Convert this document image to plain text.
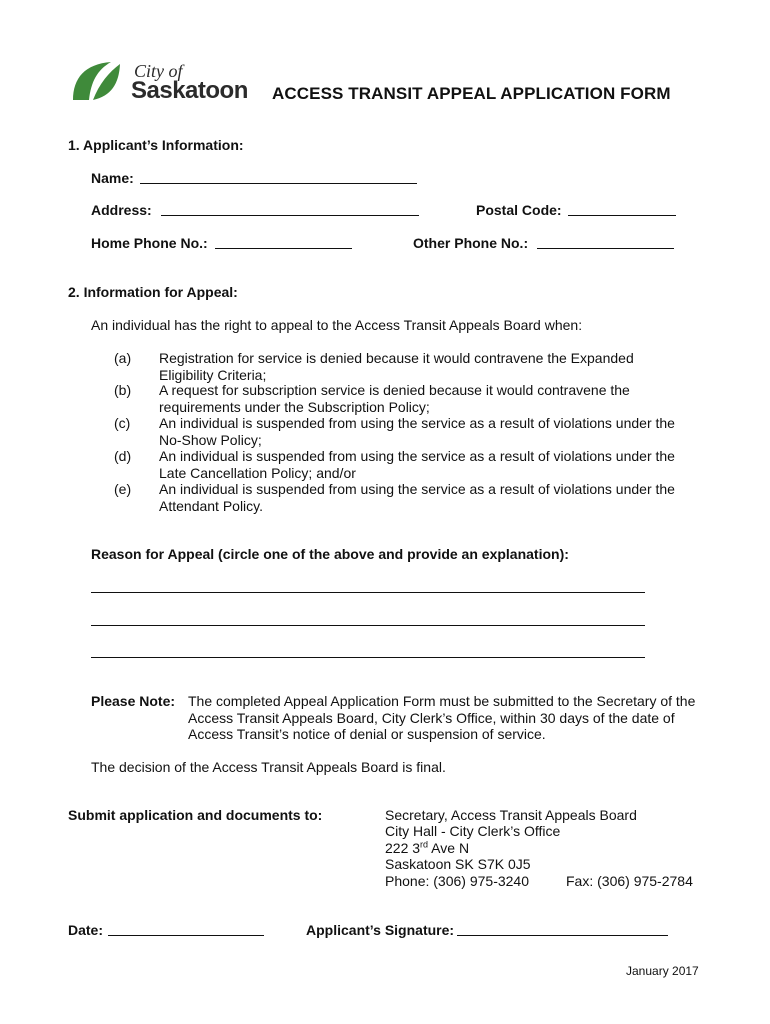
City of
Saskatoon ACCESS TRANSIT APPEAL APPLICATION FORM
1. Applicant’s Information:
Name:
Address:	Postal Code:
Home Phone No.:	Other Phone No.:
2. Information for Appeal:
An individual has the right to appeal to the Access Transit Appeals Board when:
(a)	Registration for service is denied because it would contravene the Expanded Eligibility Criteria;
(b)	A request for subscription service is denied because it would contravene the requirements under the Subscription Policy;
(c)	An individual is suspended from using the service as a result of violations under the No-Show Policy;
(d)	An individual is suspended from using the service as a result of violations under the Late Cancellation Policy; and/or
(e)	An individual is suspended from using the service as a result of violations under the Attendant Policy.
Reason for Appeal (circle one of the above and provide an explanation):
Please Note: The completed Appeal Application Form must be submitted to the Secretary of the Access Transit Appeals Board, City Clerk’s Office, within 30 days of the date of Access Transit’s notice of denial or suspension of service.
The decision of the Access Transit Appeals Board is final.
Submit application and documents to:	Secretary, Access Transit Appeals Board
City Hall - City Clerk’s Office
222 3rd Ave N
Saskatoon SK S7K 0J5
Phone: (306) 975-3240	Fax: (306) 975-2784
Date:	Applicant’s Signature:
January 2017
